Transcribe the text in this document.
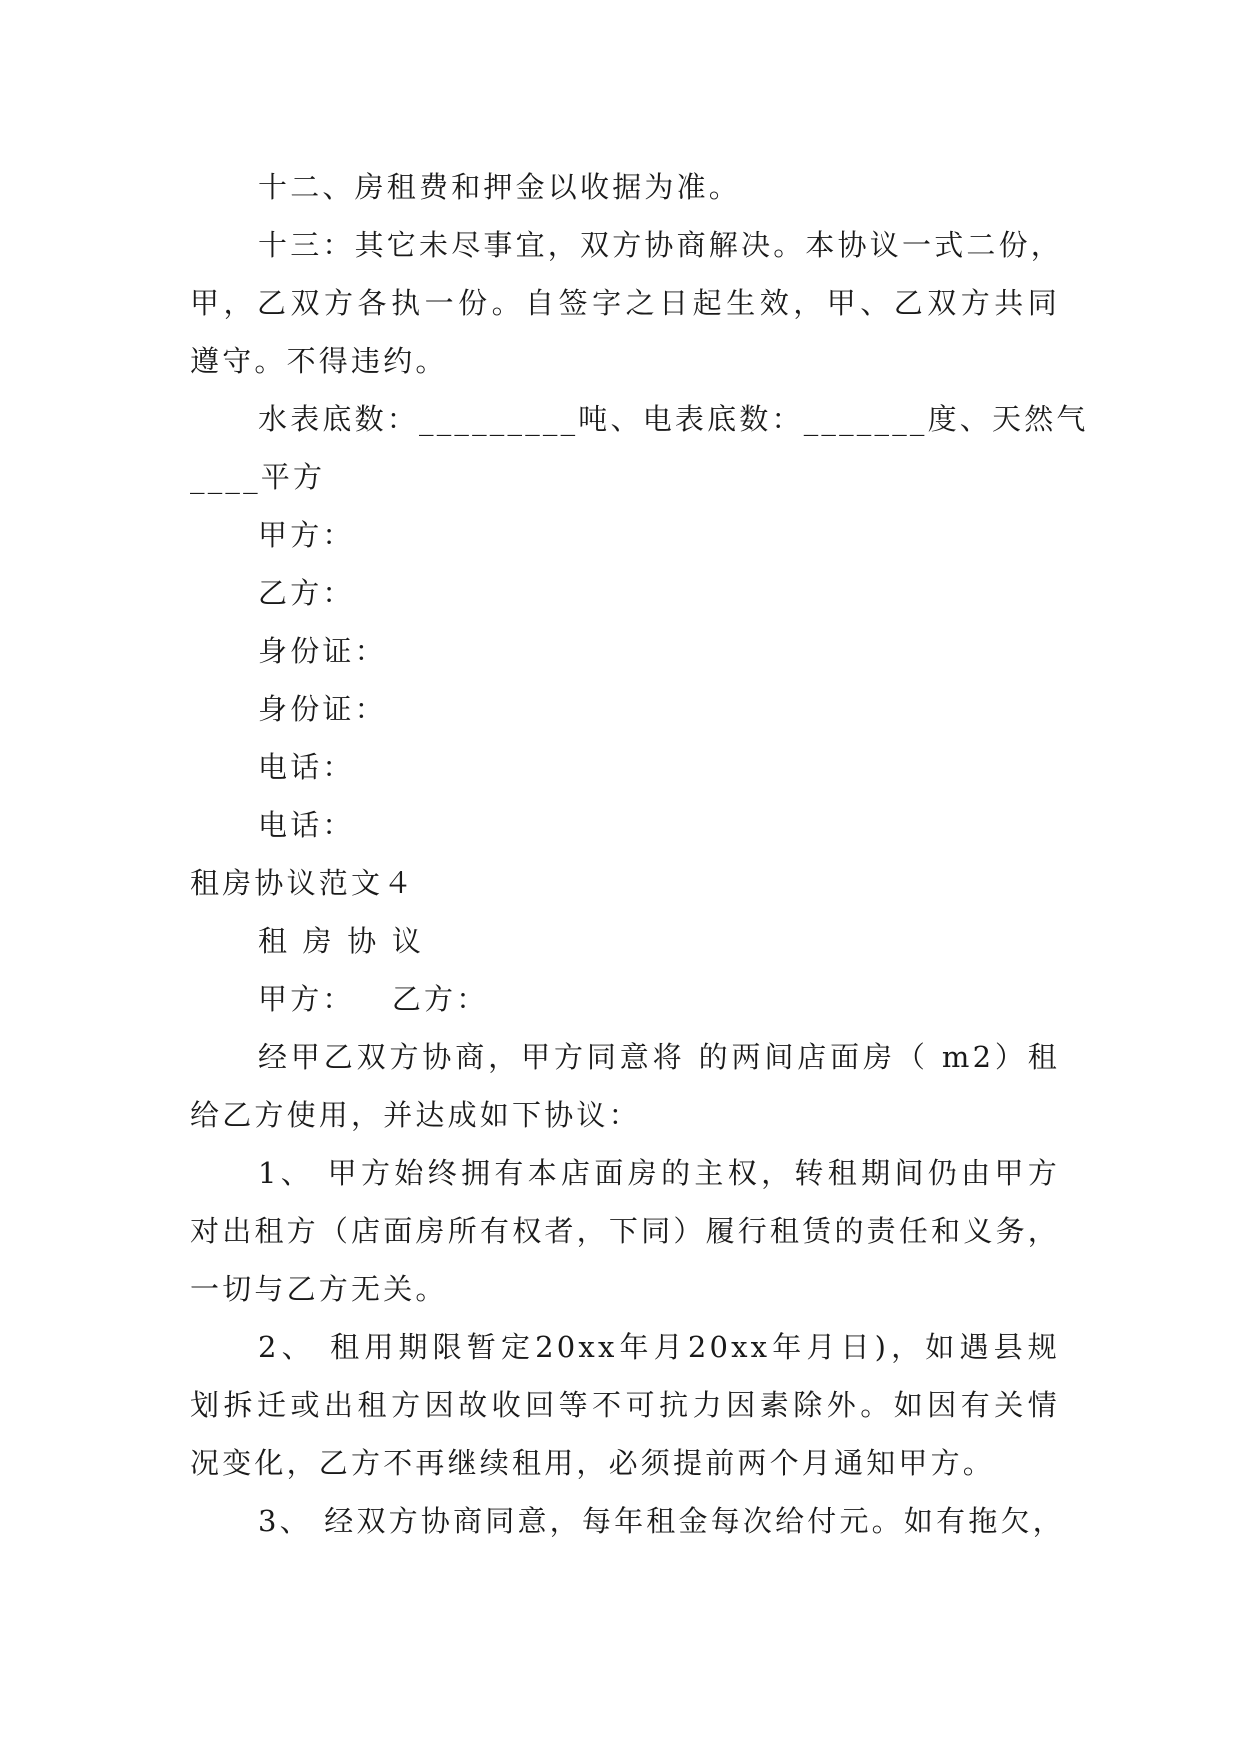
十二、房租费和押金以收据为准。
十三：其它未尽事宜，双方协商解决。本协议一式二份，
甲，乙双方各执一份。自签字之日起生效，甲、乙双方共同
遵守。不得违约。
水表底数：_________吨、电表底数：_______度、天然气
____平方
甲方：
乙方：
身份证：
身份证：
电话：
电话：
租房协议范文４
租 房 协 议
甲方：   乙方：
经甲乙双方协商，甲方同意将 的两间店面房（ m2）租
给乙方使用，并达成如下协议：
1、 甲方始终拥有本店面房的主权，转租期间仍由甲方
对出租方（店面房所有权者，下同）履行租赁的责任和义务，
一切与乙方无关。
2、 租用期限暂定20xx年月20xx年月日)，如遇县规
划拆迁或出租方因故收回等不可抗力因素除外。如因有关情
况变化，乙方不再继续租用，必须提前两个月通知甲方。
3、 经双方协商同意，每年租金每次给付元。如有拖欠，
